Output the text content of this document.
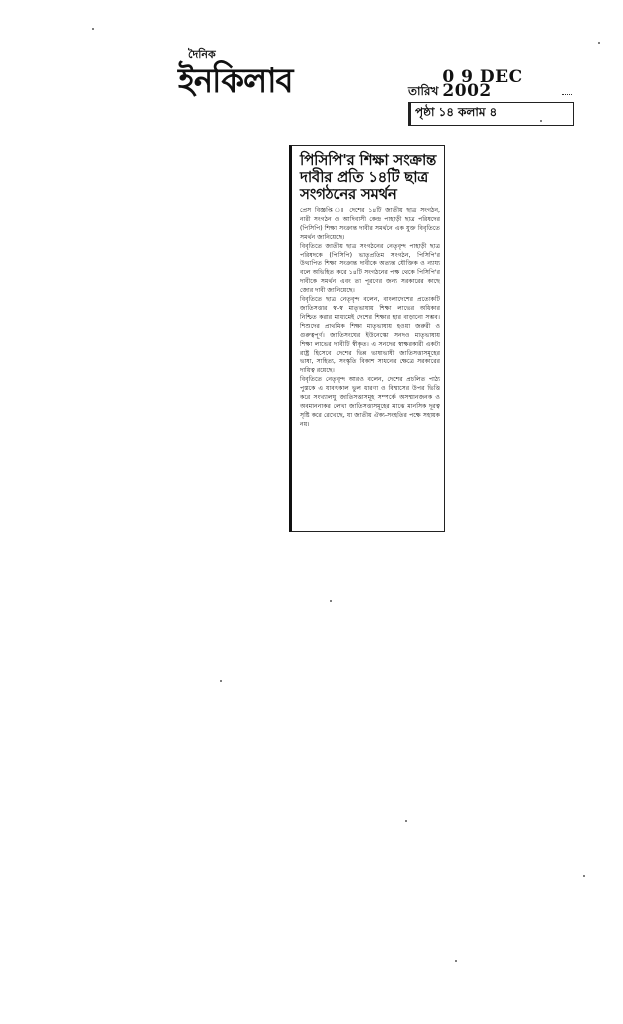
দৈনিক
ইনকিলাব	তারিখ
0 9 DEC 2002
পৃষ্ঠা ১৪ কলাম ৪
পিসিপি'র শিক্ষা সংক্রান্ত দাবীর প্রতি ১৪টি ছাত্র সংগঠনের সমর্থন

প্রেস বিজ্ঞপ্তি ঃ দেশের ১৪টি জাতীয় ছাত্র সংগঠন, নারী সংগঠন ও আদিবাসী কেন্দ্র পাহাড়ী ছাত্র পরিষদের (পিসিপি) শিক্ষা সংক্রান্ত দাবীর সমর্থনে এক যুক্ত বিবৃতিতে সমর্থন জানিয়েছে।

বিবৃতিতে জাতীয় ছাত্র সংগঠনের নেতৃবৃন্দ পাহাড়ী ছাত্র পরিষদকে (পিসিপি) ভাতৃপ্রতিম সংগঠন, পিসিপি'র উত্থাপিত শিক্ষা সংক্রান্ত দাবীকে অত্যন্ত যৌক্তিক ও ন্যায্য বলে অভিহিত করে ১৪টি সংগঠনের পক্ষ থেকে পিসিপি'র দাবীকে সমর্থন এবং তা পূরণের জন্য সরকারের কাছে জোর দাবী জানিয়েছে।

বিবৃতিতে ছাত্র নেতৃবৃন্দ বলেন, বাংলাদেশের প্রত্যেকটি জাতিসত্তার স্ব-স্ব মাতৃভাষায় শিক্ষা লাভের অধিকার নিশ্চিত করার মাধ্যমেই দেশের শিক্ষার হার বাড়ানো সম্ভব। শিশুদের প্রাথমিক শিক্ষা মাতৃভাষায় হওয়া জরুরী ও গুরুত্বপূর্ণ। জাতিসংঘের ইউনেস্কো সনদও মাতৃভাষায় শিক্ষা লাভের দাবীটি স্বীকৃত। এ সনদের স্বাক্ষরকারী একটা রাষ্ট্র হিসেবে দেশের ভিন্ন ভাষাভাষী জাতিসত্তাসমূহের ভাষা, সাহিত্য, সংস্কৃতি বিকাশ সাধনের ক্ষেত্রে সরকারের দায়িত্ব রয়েছে।

বিবৃতিতে নেতৃবৃন্দ আরও বলেন, দেশের প্রচলিত পাঠ্য পুস্তকে এ যাবৎকাল ভুল ধারণা ও বিশ্বাসের উপর ভিত্তি করে সংখ্যালঘু জাতিসত্তাসমূহ সম্পর্কে অসম্মানজনক ও অবমাননাকর লেখা জাতিসত্তাসমূহের মাঝে মানসিক দূরত্ব সৃষ্টি করে রেখেছে, যা জাতীয় ঐক্য-সংহতির পক্ষে সহায়ক নয়।
